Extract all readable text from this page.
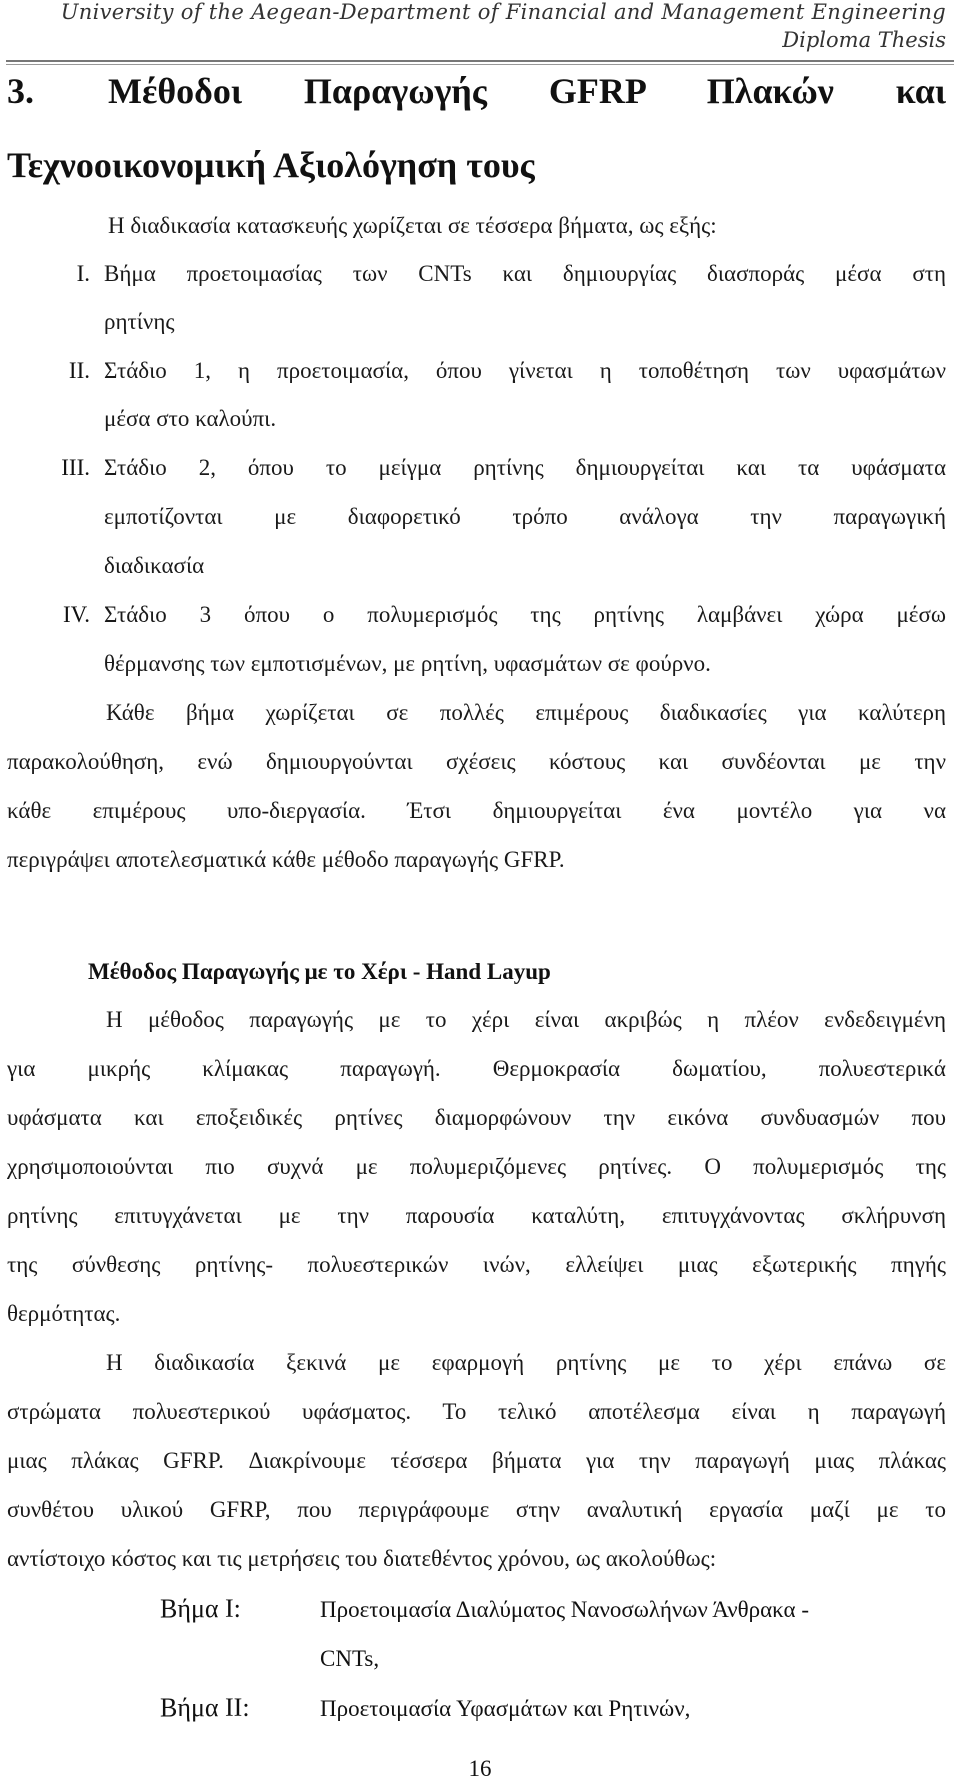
University of the Aegean-Department of Financial and Management Engineering
Diploma Thesis
3. Μέθοδοι Παραγωγής GFRP Πλακών και
Τεχνοοικονομική Αξιολόγηση τους
Η διαδικασία κατασκευής χωρίζεται σε τέσσερα βήματα, ως εξής:
I. Βήμα προετοιμασίας των CNTs και δημιουργίας διασποράς μέσα στη
ρητίνης
II. Στάδιο 1, η προετοιμασία, όπου γίνεται η τοποθέτηση των υφασμάτων
μέσα στο καλούπι.
III. Στάδιο 2, όπου το μείγμα ρητίνης δημιουργείται και τα υφάσματα
εμποτίζονται με διαφορετικό τρόπο ανάλογα την παραγωγική
διαδικασία
IV. Στάδιο 3 όπου ο πολυμερισμός της ρητίνης λαμβάνει χώρα μέσω
θέρμανσης των εμποτισμένων, με ρητίνη, υφασμάτων σε φούρνο.
Κάθε βήμα χωρίζεται σε πολλές επιμέρους διαδικασίες για καλύτερη
παρακολούθηση, ενώ δημιουργούνται σχέσεις κόστους και συνδέονται με την
κάθε επιμέρους υπο-διεργασία. Έτσι δημιουργείται ένα μοντέλο για να
περιγράψει αποτελεσματικά κάθε μέθοδο παραγωγής GFRP.
Μέθοδος Παραγωγής με το Χέρι - Hand Layup
Η μέθοδος παραγωγής με το χέρι είναι ακριβώς η πλέον ενδεδειγμένη
για μικρής κλίμακας παραγωγή. Θερμοκρασία δωματίου, πολυεστερικά
υφάσματα και εποξειδικές ρητίνες διαμορφώνουν την εικόνα συνδυασμών που
χρησιμοποιούνται πιο συχνά με πολυμεριζόμενες ρητίνες. Ο πολυμερισμός της
ρητίνης επιτυγχάνεται με την παρουσία καταλύτη, επιτυγχάνοντας σκλήρυνση
της σύνθεσης ρητίνης- πολυεστερικών ινών, ελλείψει μιας εξωτερικής πηγής
θερμότητας.
Η διαδικασία ξεκινά με εφαρμογή ρητίνης με το χέρι επάνω σε
στρώματα πολυεστερικού υφάσματος. Το τελικό αποτέλεσμα είναι η παραγωγή
μιας πλάκας GFRP. Διακρίνουμε τέσσερα βήματα για την παραγωγή μιας πλάκας
συνθέτου υλικού GFRP, που περιγράφουμε στην αναλυτική εργασία μαζί με το
αντίστοιχο κόστος και τις μετρήσεις του διατεθέντος χρόνου, ως ακολούθως:
Βήμα Ι:	Προετοιμασία Διαλύματος Νανοσωλήνων Άνθρακα -
CNTs,
Βήμα ΙΙ:	Προετοιμασία Υφασμάτων και Ρητινών,
16
